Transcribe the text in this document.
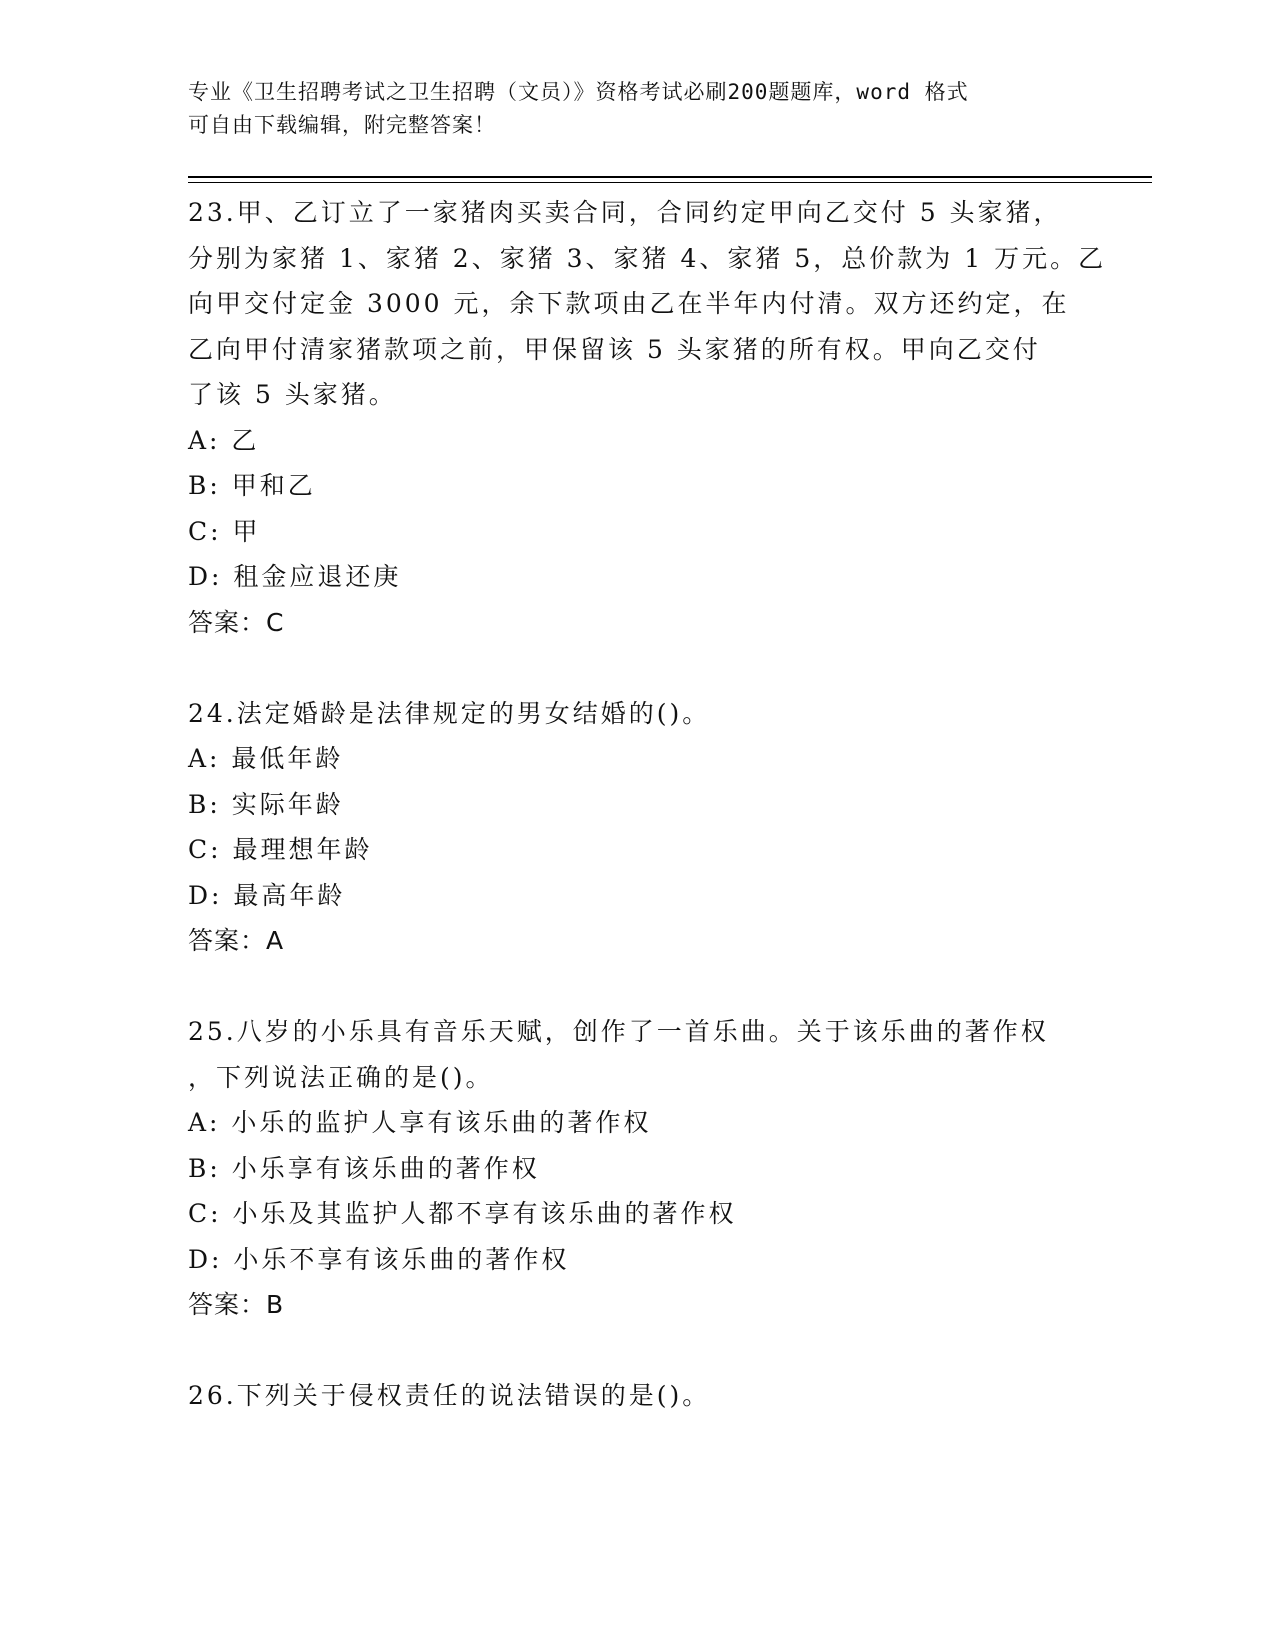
专业《卫生招聘考试之卫生招聘（文员）》资格考试必刷200题题库，word 格式
可自由下载编辑，附完整答案！
23.甲、乙订立了一家猪肉买卖合同，合同约定甲向乙交付 5 头家猪，
分别为家猪 1、家猪 2、家猪 3、家猪 4、家猪 5，总价款为 1 万元。乙
向甲交付定金 3000 元，余下款项由乙在半年内付清。双方还约定，在
乙向甲付清家猪款项之前，甲保留该 5 头家猪的所有权。甲向乙交付
了该 5 头家猪。
A: 乙
B: 甲和乙
C: 甲
D: 租金应退还庚
答案：C
24.法定婚龄是法律规定的男女结婚的()。
A: 最低年龄
B: 实际年龄
C: 最理想年龄
D: 最高年龄
答案：A
25.八岁的小乐具有音乐天赋，创作了一首乐曲。关于该乐曲的著作权
，下列说法正确的是()。
A: 小乐的监护人享有该乐曲的著作权
B: 小乐享有该乐曲的著作权
C: 小乐及其监护人都不享有该乐曲的著作权
D: 小乐不享有该乐曲的著作权
答案：B
26.下列关于侵权责任的说法错误的是()。
